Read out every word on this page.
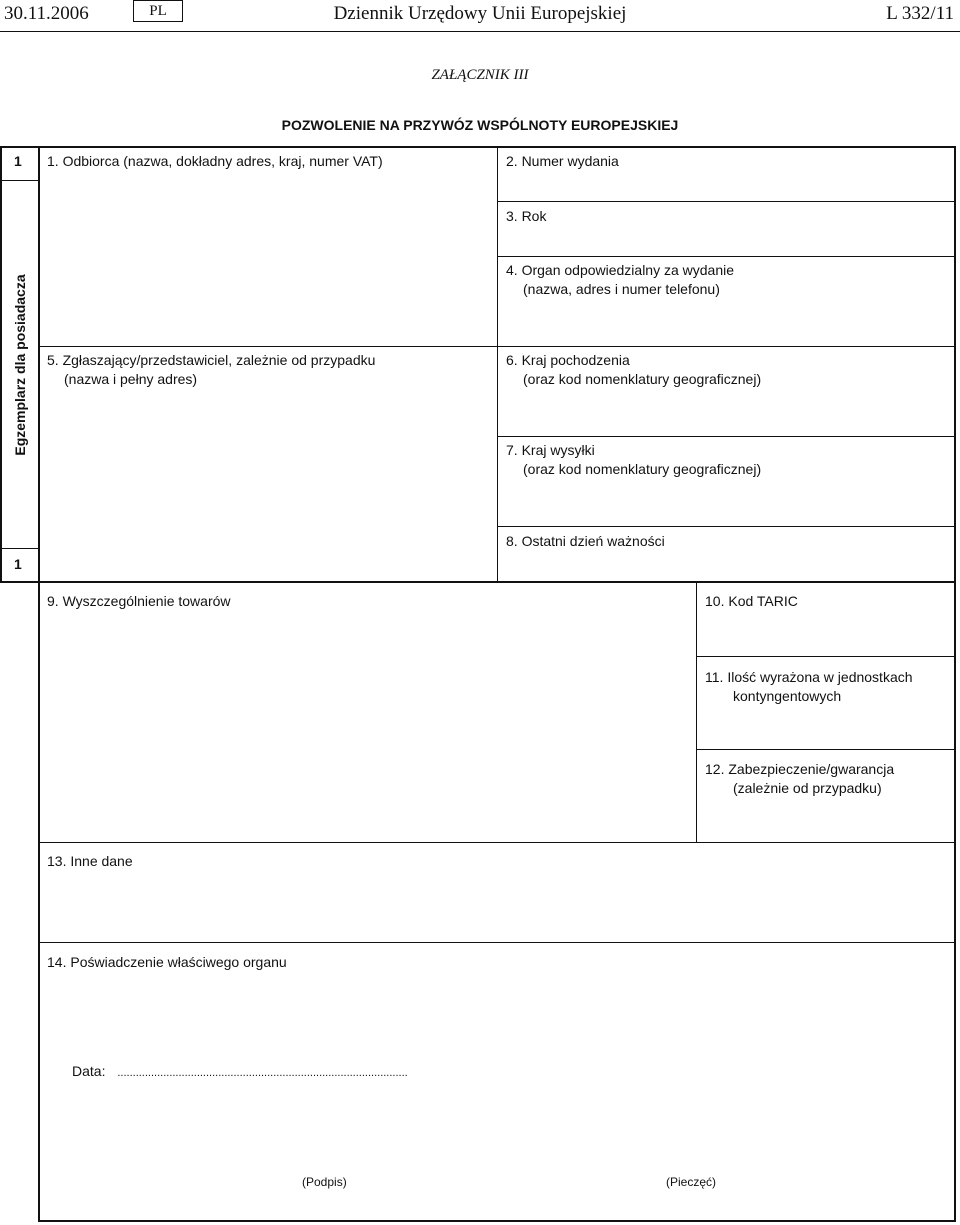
30.11.2006	Dziennik Urzędowy Unii Europejskiej
PL	L 332/11
ZAŁĄCZNIK III
POZWOLENIE NA PRZYWÓZ WSPÓLNOTY EUROPEJSKIEJ
1
Egzemplarz dla posiadacza
1
1. Odbiorca (nazwa, dokładny adres, kraj, numer VAT)	2. Numer wydania
3. Rok
4. Organ odpowiedzialny za wydanie
(nazwa, adres i numer telefonu)
5. Zgłaszający/przedstawiciel, zależnie od przypadku
(nazwa i pełny adres)
6. Kraj pochodzenia
(oraz kod nomenklatury geograficznej)
7. Kraj wysyłki
(oraz kod nomenklatury geograficznej)
8. Ostatni dzień ważności
9. Wyszczególnienie towarów	10. Kod TARIC
11. Ilość wyrażona w jednostkach
kontyngentowych
12. Zabezpieczenie/gwarancja
(zależnie od przypadku)
13. Inne dane
14. Poświadczenie właściwego organu
Data: ...............................................................................................
(Podpis)	(Pieczęć)
